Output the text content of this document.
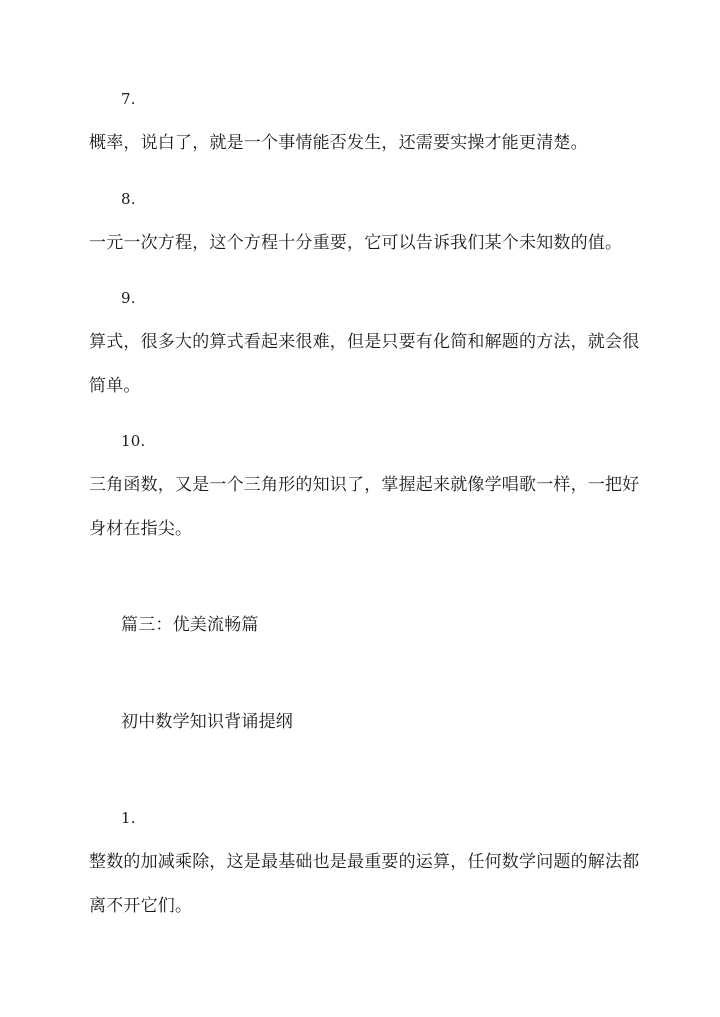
7.
概率，说白了，就是一个事情能否发生，还需要实操才能更清楚。
8.
一元一次方程，这个方程十分重要，它可以告诉我们某个未知数的值。
9.
算式，很多大的算式看起来很难，但是只要有化简和解题的方法，就会很
简单。
10.
三角函数，又是一个三角形的知识了，掌握起来就像学唱歌一样，一把好
身材在指尖。
篇三：优美流畅篇
初中数学知识背诵提纲
1.
整数的加减乘除，这是最基础也是最重要的运算，任何数学问题的解法都
离不开它们。
